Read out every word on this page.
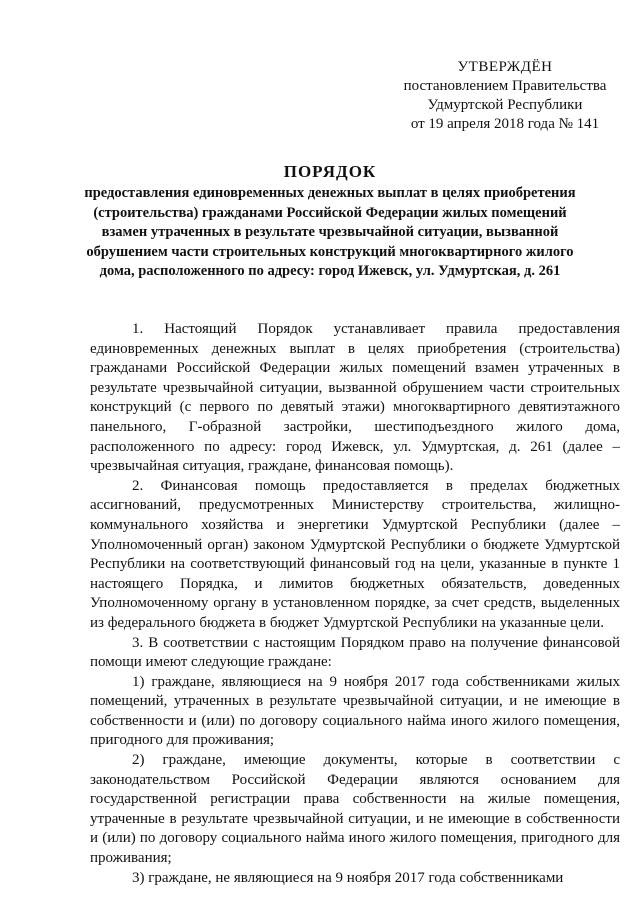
УТВЕРЖДЁН
постановлением Правительства
Удмуртской Республики
от 19 апреля 2018 года № 141
ПОРЯДОК
предоставления единовременных денежных выплат в целях приобретения (строительства) гражданами Российской Федерации жилых помещений взамен утраченных в результате чрезвычайной ситуации, вызванной обрушением части строительных конструкций многоквартирного жилого дома, расположенного по адресу: город Ижевск, ул. Удмуртская, д. 261

1. Настоящий Порядок устанавливает правила предоставления единовременных денежных выплат в целях приобретения (строительства) гражданами Российской Федерации жилых помещений взамен утраченных в результате чрезвычайной ситуации, вызванной обрушением части строительных конструкций (с первого по девятый этажи) многоквартирного девятиэтажного панельного, Г-образной застройки, шестиподъездного жилого дома, расположенного по адресу: город Ижевск, ул. Удмуртская, д. 261 (далее – чрезвычайная ситуация, граждане, финансовая помощь).

2. Финансовая помощь предоставляется в пределах бюджетных ассигнований, предусмотренных Министерству строительства, жилищно-коммунального хозяйства и энергетики Удмуртской Республики (далее – Уполномоченный орган) законом Удмуртской Республики о бюджете Удмуртской Республики на соответствующий финансовый год на цели, указанные в пункте 1 настоящего Порядка, и лимитов бюджетных обязательств, доведенных Уполномоченному органу в установленном порядке, за счет средств, выделенных из федерального бюджета в бюджет Удмуртской Республики на указанные цели.

3. В соответствии с настоящим Порядком право на получение финансовой помощи имеют следующие граждане:

1) граждане, являющиеся на 9 ноября 2017 года собственниками жилых помещений, утраченных в результате чрезвычайной ситуации, и не имеющие в собственности и (или) по договору социального найма иного жилого помещения, пригодного для проживания;

2) граждане, имеющие документы, которые в соответствии с законодательством Российской Федерации являются основанием для государственной регистрации права собственности на жилые помещения, утраченные в результате чрезвычайной ситуации, и не имеющие в собственности и (или) по договору социального найма иного жилого помещения, пригодного для проживания;

3) граждане, не являющиеся на 9 ноября 2017 года собственниками
